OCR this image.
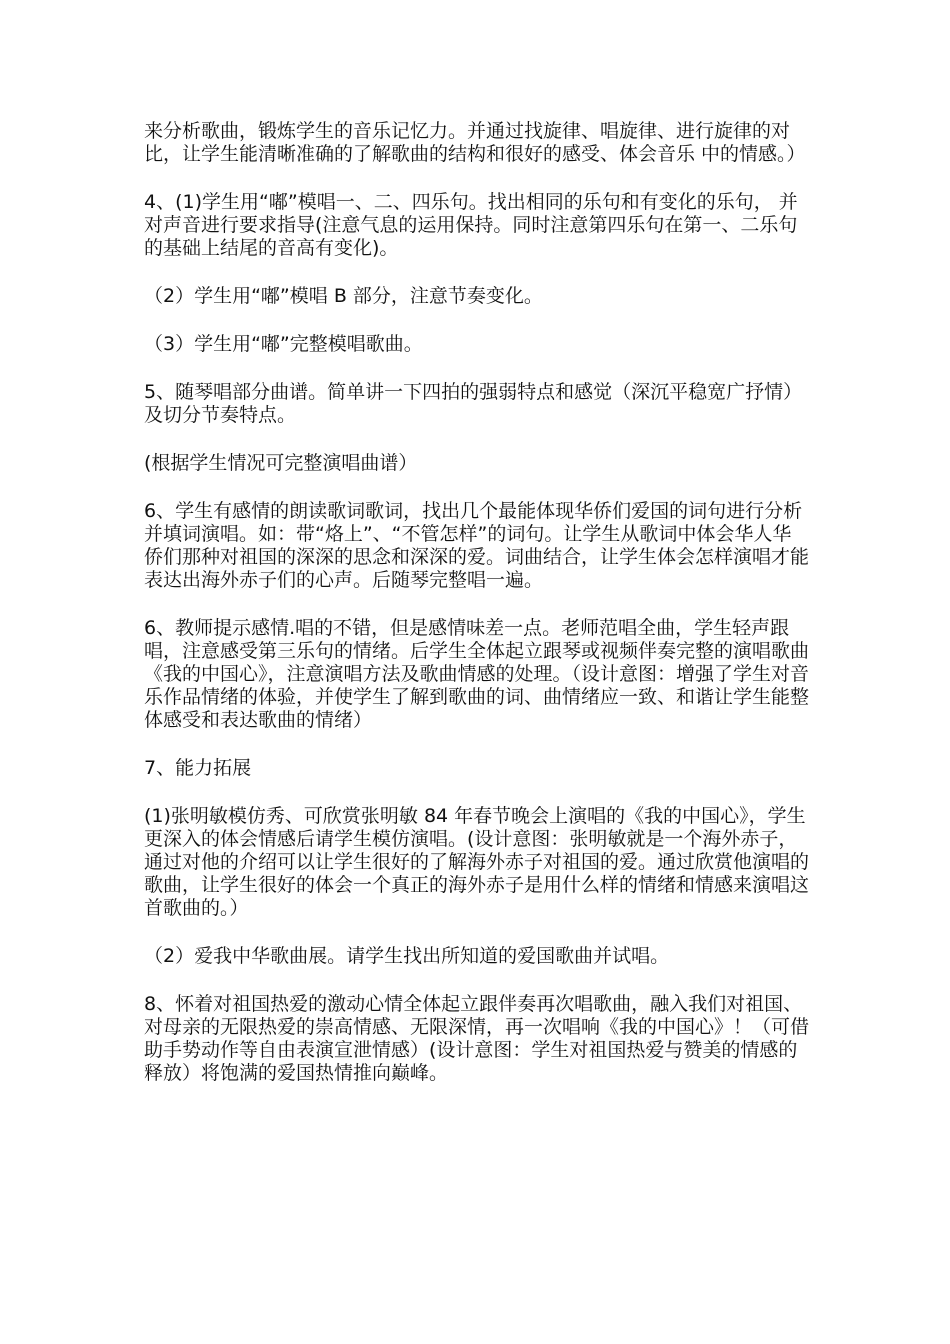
来分析歌曲，锻炼学生的音乐记忆力。并通过找旋律、唱旋律、进行旋律的对比，让学生能清晰准确的了解歌曲的结构和很好的感受、体会音乐 中的情感。）

4、(1)学生用“嘟”模唱一、二、四乐句。找出相同的乐句和有变化的乐句， 并对声音进行要求指导(注意气息的运用保持。同时注意第四乐句在第一、二乐句的基础上结尾的音高有变化)。

（2）学生用“嘟”模唱 B 部分，注意节奏变化。

（3）学生用“嘟”完整模唱歌曲。

5、随琴唱部分曲谱。简单讲一下四拍的强弱特点和感觉（深沉平稳宽广抒情）及切分节奏特点。

(根据学生情况可完整演唱曲谱）

6、学生有感情的朗读歌词歌词，找出几个最能体现华侨们爱国的词句进行分析并填词演唱。如：带“烙上”、“不管怎样”的词句。让学生从歌词中体会华人华侨们那种对祖国的深深的思念和深深的爱。词曲结合，让学生体会怎样演唱才能表达出海外赤子们的心声。后随琴完整唱一遍。

6、教师提示感情.唱的不错，但是感情味差一点。老师范唱全曲，学生轻声跟唱，注意感受第三乐句的情绪。后学生全体起立跟琴或视频伴奏完整的演唱歌曲《我的中国心》，注意演唱方法及歌曲情感的处理。（设计意图：增强了学生对音乐作品情绪的体验，并使学生了解到歌曲的词、曲情绪应一致、和谐让学生能整体感受和表达歌曲的情绪）

7、能力拓展

(1)张明敏模仿秀、可欣赏张明敏 84 年春节晚会上演唱的《我的中国心》，学生更深入的体会情感后请学生模仿演唱。(设计意图：张明敏就是一个海外赤子，通过对他的介绍可以让学生很好的了解海外赤子对祖国的爱。通过欣赏他演唱的歌曲，让学生很好的体会一个真正的海外赤子是用什么样的情绪和情感来演唱这首歌曲的。）

（2）爱我中华歌曲展。请学生找出所知道的爱国歌曲并试唱。

8、怀着对祖国热爱的激动心情全体起立跟伴奏再次唱歌曲，融入我们对祖国、对母亲的无限热爱的崇高情感、无限深情，再一次唱响《我的中国心》！（可借助手势动作等自由表演宣泄情感）(设计意图：学生对祖国热爱与赞美的情感的释放）将饱满的爱国热情推向巅峰。
